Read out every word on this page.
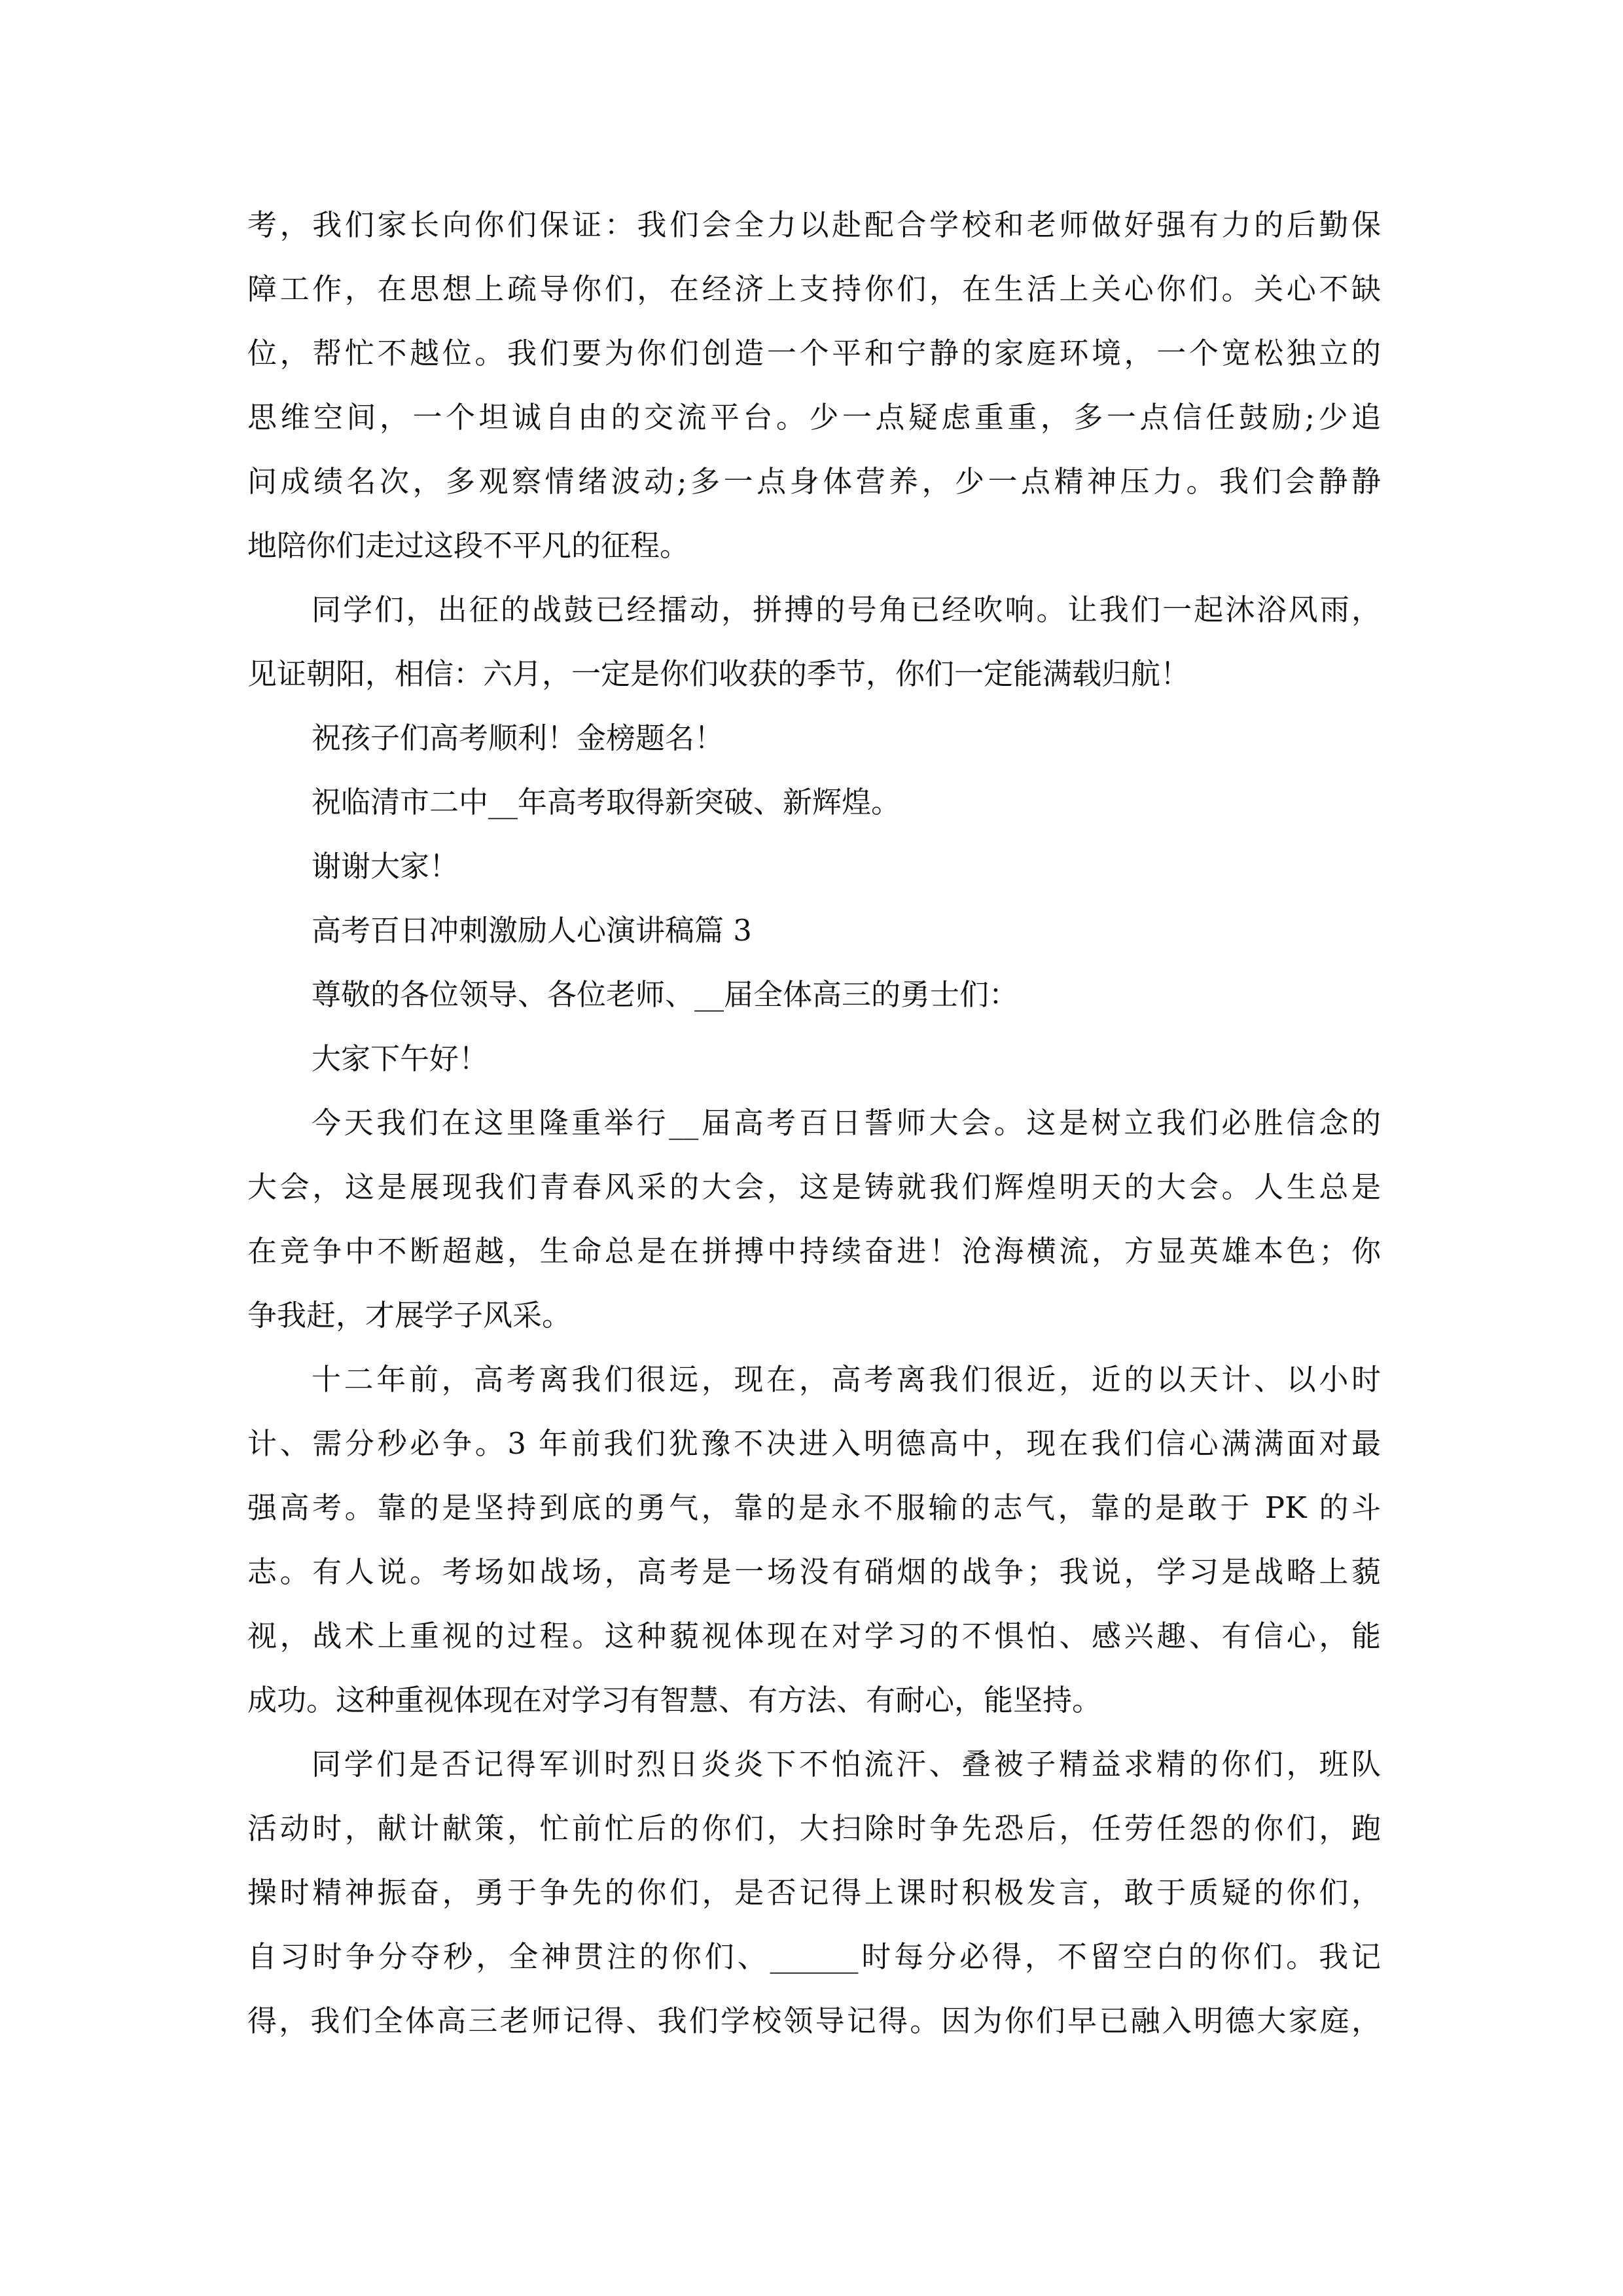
考，我们家长向你们保证：我们会全力以赴配合学校和老师做好强有力的后勤保
障工作，在思想上疏导你们，在经济上支持你们，在生活上关心你们。关心不缺
位，帮忙不越位。我们要为你们创造一个平和宁静的家庭环境，一个宽松独立的
思维空间，一个坦诚自由的交流平台。少一点疑虑重重，多一点信任鼓励;少追
问成绩名次，多观察情绪波动;多一点身体营养，少一点精神压力。我们会静静
地陪你们走过这段不平凡的征程。
同学们，出征的战鼓已经擂动，拼搏的号角已经吹响。让我们一起沐浴风雨，
见证朝阳，相信：六月，一定是你们收获的季节，你们一定能满载归航！
祝孩子们高考顺利！金榜题名！
祝临清市二中__年高考取得新突破、新辉煌。
谢谢大家！
高考百日冲刺激励人心演讲稿篇 3
尊敬的各位领导、各位老师、__届全体高三的勇士们：
大家下午好！
今天我们在这里隆重举行__届高考百日誓师大会。这是树立我们必胜信念的
大会，这是展现我们青春风采的大会，这是铸就我们辉煌明天的大会。人生总是
在竞争中不断超越，生命总是在拼搏中持续奋进！沧海横流，方显英雄本色；你
争我赶，才展学子风采。
十二年前，高考离我们很远，现在，高考离我们很近，近的以天计、以小时
计、需分秒必争。3 年前我们犹豫不决进入明德高中，现在我们信心满满面对最
强高考。靠的是坚持到底的勇气，靠的是永不服输的志气，靠的是敢于 PK 的斗
志。有人说。考场如战场，高考是一场没有硝烟的战争；我说，学习是战略上藐
视，战术上重视的过程。这种藐视体现在对学习的不惧怕、感兴趣、有信心，能
成功。这种重视体现在对学习有智慧、有方法、有耐心，能坚持。
同学们是否记得军训时烈日炎炎下不怕流汗、叠被子精益求精的你们，班队
活动时，献计献策，忙前忙后的你们，大扫除时争先恐后，任劳任怨的你们，跑
操时精神振奋，勇于争先的你们，是否记得上课时积极发言，敢于质疑的你们，
自习时争分夺秒，全神贯注的你们、______时每分必得，不留空白的你们。我记
得，我们全体高三老师记得、我们学校领导记得。因为你们早已融入明德大家庭，
